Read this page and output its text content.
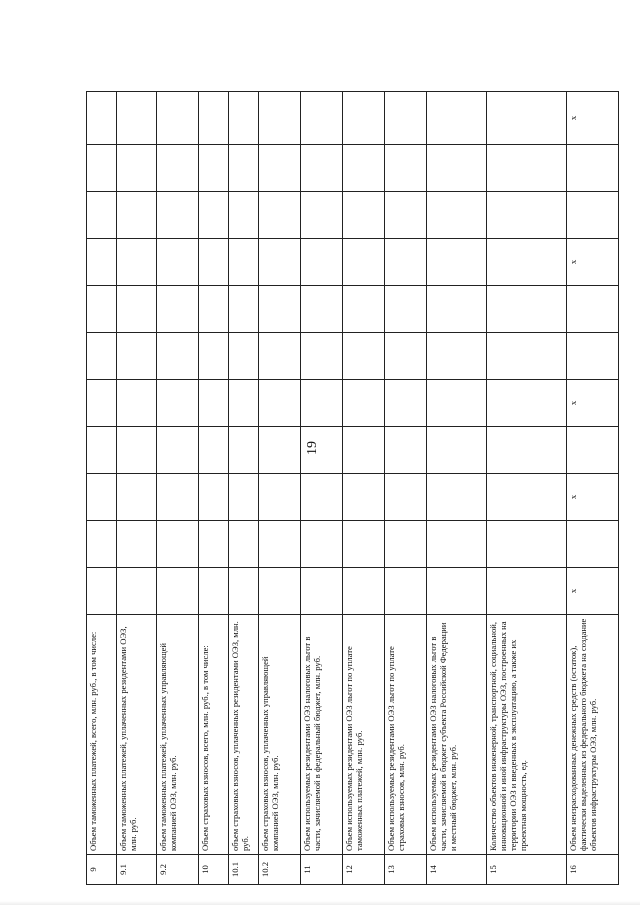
19
9	Объем таможенных платежей, всего, млн. руб., в том числе:											
9.1	объем таможенных платежей, уплаченных резидентами ОЭЗ, млн. руб.											
9.2	объем таможенных платежей, уплаченных управляющей компанией ОЭЗ, млн. руб.											
10	Объем страховых взносов, всего, млн. руб., в том числе:											
10.1	объем страховых взносов, уплаченных резидентами ОЭЗ, млн. руб.											
10.2	объем страховых взносов, уплаченных управляющей компанией ОЭЗ, млн. руб.											
11	Объем используемых резидентами ОЭЗ налоговых льгот в части, зачисляемой в федеральный бюджет, млн. руб.											
12	Объем используемых резидентами ОЭЗ льгот по уплате таможенных платежей, млн. руб.											
13	Объем используемых резидентами ОЭЗ льгот по уплате страховых взносов, млн. руб.											
14	Объем используемых резидентами ОЭЗ налоговых льгот в части, зачисляемой в бюджет субъекта Российской Федерации и местный бюджет, млн. руб.											
15	Количество объектов инженерной, транспортной, социальной, инновационной и иной инфраструктуры ОЭЗ, построенных на территории ОЭЗ и введенных в эксплуатацию, а также их проектная мощность, ед.											
16	Объем неизрасходованных денежных средств (остаток), фактически выделенных из федерального бюджета на создание объектов инфраструктуры ОЭЗ, млн. руб.	x		x		x			x			x
